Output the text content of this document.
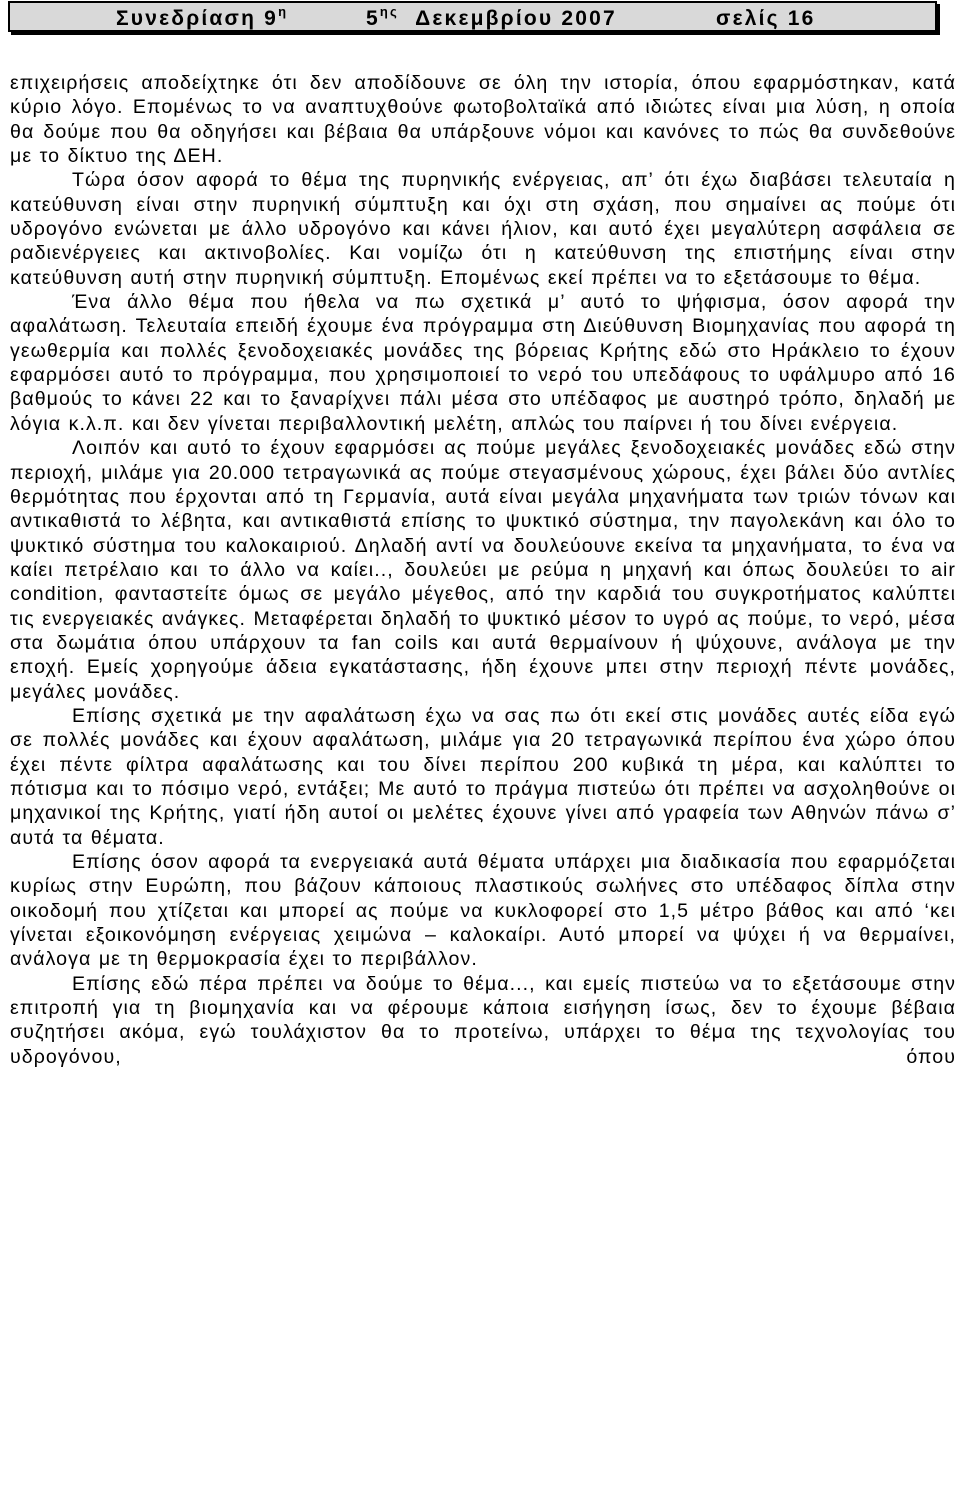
Συνεδρίαση $9^\eta$	$5^{\eta\varsigma}$ Δεκεμβρίου 2007	σελίς 16

επιχειρήσεις αποδείχτηκε ότι δεν αποδίδουνε σε όλη την ιστορία, όπου εφαρμόστηκαν, κατά κύριο λόγο. Επομένως το να αναπτυχθούνε φωτοβολταϊκά από ιδιώτες είναι μια λύση, η οποία θα δούμε που θα οδηγήσει και βέβαια θα υπάρξουνε νόμοι και κανόνες το πώς θα συνδεθούνε με το δίκτυο της ΔΕΗ.

Τώρα όσον αφορά το θέμα της πυρηνικής ενέργειας, απ’ ότι έχω διαβάσει τελευταία η κατεύθυνση είναι στην πυρηνική σύμπτυξη και όχι στη σχάση, που σημαίνει ας πούμε ότι υδρογόνο ενώνεται με άλλο υδρογόνο και κάνει ήλιον, και αυτό έχει μεγαλύτερη ασφάλεια σε ραδιενέργειες και ακτινοβολίες. Και νομίζω ότι η κατεύθυνση της επιστήμης είναι στην κατεύθυνση αυτή στην πυρηνική σύμπτυξη. Επομένως εκεί πρέπει να το εξετάσουμε το θέμα.

Ένα άλλο θέμα που ήθελα να πω σχετικά μ’ αυτό το ψήφισμα, όσον αφορά την αφαλάτωση. Τελευταία επειδή έχουμε ένα πρόγραμμα στη Διεύθυνση Βιομηχανίας που αφορά τη γεωθερμία και πολλές ξενοδοχειακές μονάδες της βόρειας Κρήτης εδώ στο Ηράκλειο το έχουν εφαρμόσει αυτό το πρόγραμμα, που χρησιμοποιεί το νερό του υπεδάφους το υφάλμυρο από 16 βαθμούς το κάνει 22 και το ξαναρίχνει πάλι μέσα στο υπέδαφος με αυστηρό τρόπο, δηλαδή με λόγια κ.λ.π. και δεν γίνεται περιβαλλοντική μελέτη, απλώς του παίρνει ή του δίνει ενέργεια.

Λοιπόν και αυτό το έχουν εφαρμόσει ας πούμε μεγάλες ξενοδοχειακές μονάδες εδώ στην περιοχή, μιλάμε για 20.000 τετραγωνικά ας πούμε στεγασμένους χώρους, έχει βάλει δύο αντλίες θερμότητας που έρχονται από τη Γερμανία, αυτά είναι μεγάλα μηχανήματα των τριών τόνων και αντικαθιστά το λέβητα, και αντικαθιστά επίσης το ψυκτικό σύστημα, την παγολεκάνη και όλο το ψυκτικό σύστημα του καλοκαιριού. Δηλαδή αντί να δουλεύουνε εκείνα τα μηχανήματα, το ένα να καίει πετρέλαιο και το άλλο να καίει.., δουλεύει με ρεύμα η μηχανή και όπως δουλεύει το air condition, φανταστείτε όμως σε μεγάλο μέγεθος, από την καρδιά του συγκροτήματος καλύπτει τις ενεργειακές ανάγκες. Μεταφέρεται δηλαδή το ψυκτικό μέσον το υγρό ας πούμε, το νερό, μέσα στα δωμάτια όπου υπάρχουν τα fan coils και αυτά θερμαίνουν ή ψύχουνε, ανάλογα με την εποχή. Εμείς χορηγούμε άδεια εγκατάστασης, ήδη έχουνε μπει στην περιοχή πέντε μονάδες, μεγάλες μονάδες.

Επίσης σχετικά με την αφαλάτωση έχω να σας πω ότι εκεί στις μονάδες αυτές είδα εγώ σε πολλές μονάδες και έχουν αφαλάτωση, μιλάμε για 20 τετραγωνικά περίπου ένα χώρο όπου έχει πέντε φίλτρα αφαλάτωσης και του δίνει περίπου 200 κυβικά τη μέρα, και καλύπτει το πότισμα και το πόσιμο νερό, εντάξει; Με αυτό το πράγμα πιστεύω ότι πρέπει να ασχοληθούνε οι μηχανικοί της Κρήτης, γιατί ήδη αυτοί οι μελέτες έχουνε γίνει από γραφεία των Αθηνών πάνω σ’ αυτά τα θέματα.

Επίσης όσον αφορά τα ενεργειακά αυτά θέματα υπάρχει μια διαδικασία που εφαρμόζεται κυρίως στην Ευρώπη, που βάζουν κάποιους πλαστικούς σωλήνες στο υπέδαφος δίπλα στην οικοδομή που χτίζεται και μπορεί ας πούμε να κυκλοφορεί στο 1,5 μέτρο βάθος και από ‘κει γίνεται εξοικονόμηση ενέργειας χειμώνα – καλοκαίρι. Αυτό μπορεί να ψύχει ή να θερμαίνει, ανάλογα με τη θερμοκρασία έχει το περιβάλλον.

Επίσης εδώ πέρα πρέπει να δούμε το θέμα..., και εμείς πιστεύω να το εξετάσουμε στην επιτροπή για τη βιομηχανία και να φέρουμε κάποια εισήγηση ίσως, δεν το έχουμε βέβαια συζητήσει ακόμα, εγώ τουλάχιστον θα το προτείνω, υπάρχει το θέμα της τεχνολογίας του υδρογόνου, όπου
